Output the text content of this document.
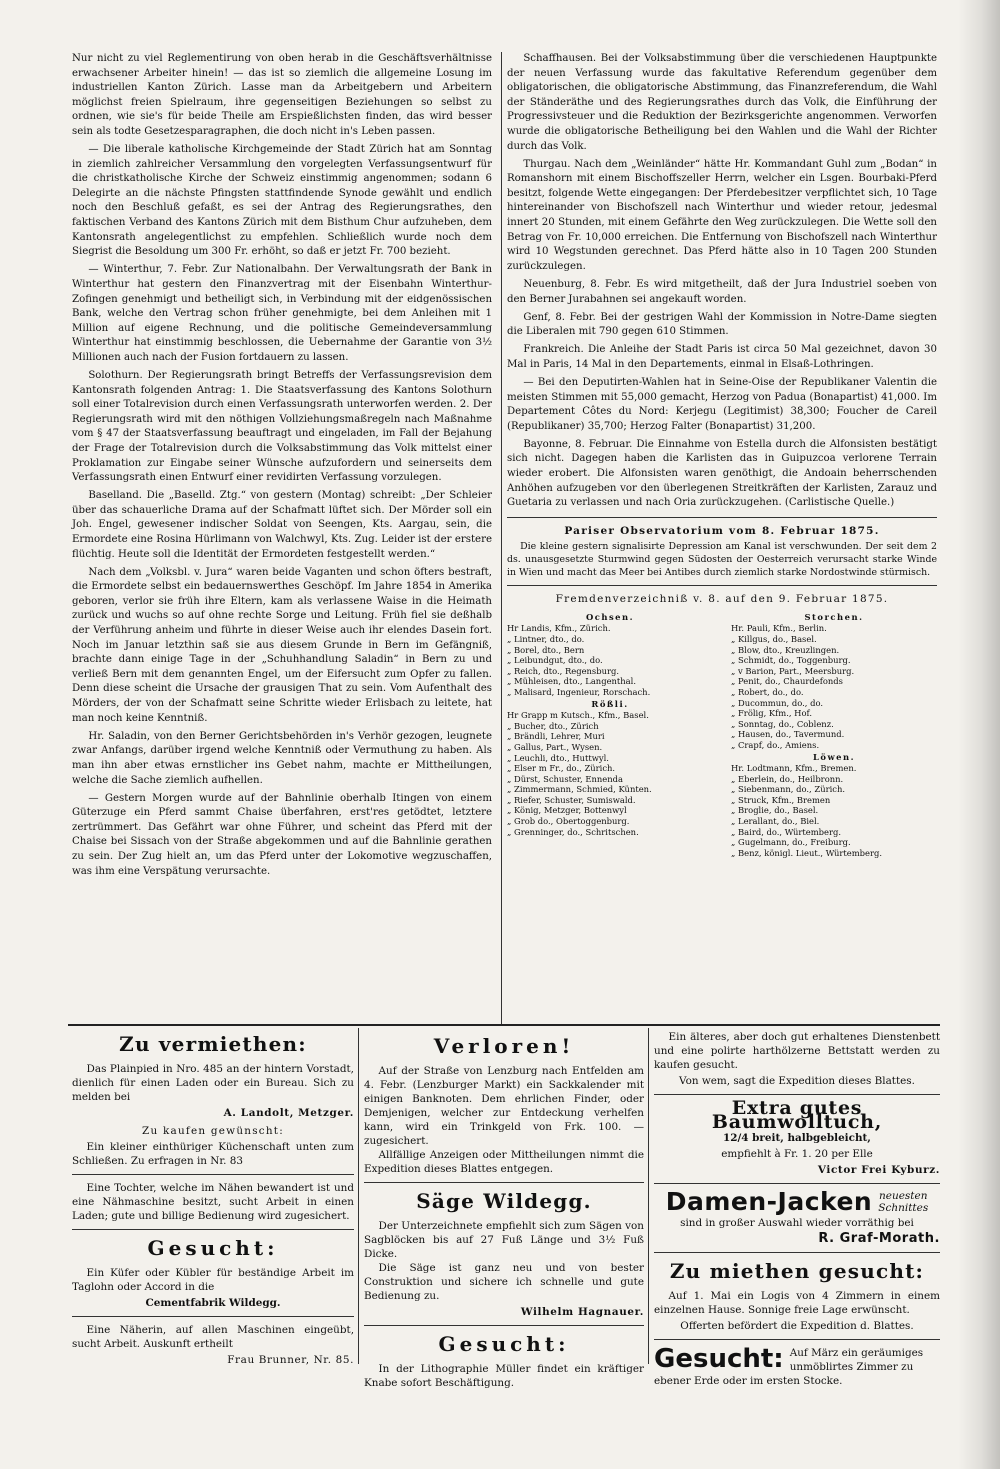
Nur nicht zu viel Reglementirung von oben herab in die Geschäftsverhältnisse erwachsener Arbeiter hinein! — das ist so ziemlich die allgemeine Losung im industriellen Kanton Zürich. Lasse man da Arbeitgebern und Arbeitern möglichst freien Spielraum, ihre gegenseitigen Beziehungen so selbst zu ordnen, wie sie's für beide Theile am Erspießlichsten finden, das wird besser sein als todte Gesetzesparagraphen, die doch nicht in's Leben passen.

— Die liberale katholische Kirchgemeinde der Stadt Zürich hat am Sonntag in ziemlich zahlreicher Versammlung den vorgelegten Verfassungsentwurf für die christkatholische Kirche der Schweiz einstimmig angenommen; sodann 6 Delegirte an die nächste Pfingsten stattfindende Synode gewählt und endlich noch den Beschluß gefaßt, es sei der Antrag des Regierungsrathes, den faktischen Verband des Kantons Zürich mit dem Bisthum Chur aufzuheben, dem Kantonsrath angelegentlichst zu empfehlen. Schließlich wurde noch dem Siegrist die Besoldung um 300 Fr. erhöht, so daß er jetzt Fr. 700 bezieht.

— Winterthur, 7. Febr. Zur Nationalbahn. Der Verwaltungsrath der Bank in Winterthur hat gestern den Finanzvertrag mit der Eisenbahn Winterthur-Zofingen genehmigt und betheiligt sich, in Verbindung mit der eidgenössischen Bank, welche den Vertrag schon früher genehmigte, bei dem Anleihen mit 1 Million auf eigene Rechnung, und die politische Gemeindeversammlung Winterthur hat einstimmig beschlossen, die Uebernahme der Garantie von 3½ Millionen auch nach der Fusion fortdauern zu lassen.

Solothurn. Der Regierungsrath bringt Betreffs der Verfassungsrevision dem Kantonsrath folgenden Antrag: 1. Die Staatsverfassung des Kantons Solothurn soll einer Totalrevision durch einen Verfassungsrath unterworfen werden. 2. Der Regierungsrath wird mit den nöthigen Vollziehungsmaßregeln nach Maßnahme vom § 47 der Staatsverfassung beauftragt und eingeladen, im Fall der Bejahung der Frage der Totalrevision durch die Volksabstimmung das Volk mittelst einer Proklamation zur Eingabe seiner Wünsche aufzufordern und seinerseits dem Verfassungsrath einen Entwurf einer revidirten Verfassung vorzulegen.

Baselland. Die „Baselld. Ztg.“ von gestern (Montag) schreibt: „Der Schleier über das schauerliche Drama auf der Schafmatt lüftet sich. Der Mörder soll ein Joh. Engel, gewesener indischer Soldat von Seengen, Kts. Aargau, sein, die Ermordete eine Rosina Hürlimann von Walchwyl, Kts. Zug. Leider ist der erstere flüchtig. Heute soll die Identität der Ermordeten festgestellt werden.“

Nach dem „Volksbl. v. Jura“ waren beide Vaganten und schon öfters bestraft, die Ermordete selbst ein bedauernswerthes Geschöpf. Im Jahre 1854 in Amerika geboren, verlor sie früh ihre Eltern, kam als verlassene Waise in die Heimath zurück und wuchs so auf ohne rechte Sorge und Leitung. Früh fiel sie deßhalb der Verführung anheim und führte in dieser Weise auch ihr elendes Dasein fort. Noch im Januar letzthin saß sie aus diesem Grunde in Bern im Gefängniß, brachte dann einige Tage in der „Schuhhandlung Saladin“ in Bern zu und verließ Bern mit dem genannten Engel, um der Eifersucht zum Opfer zu fallen. Denn diese scheint die Ursache der grausigen That zu sein. Vom Aufenthalt des Mörders, der von der Schafmatt seine Schritte wieder Erlisbach zu leitete, hat man noch keine Kenntniß.

Hr. Saladin, von den Berner Gerichtsbehörden in's Verhör gezogen, leugnete zwar Anfangs, darüber irgend welche Kenntniß oder Vermuthung zu haben. Als man ihn aber etwas ernstlicher ins Gebet nahm, machte er Mittheilungen, welche die Sache ziemlich aufhellen.

— Gestern Morgen wurde auf der Bahnlinie oberhalb Itingen von einem Güterzuge ein Pferd sammt Chaise überfahren, erst'res getödtet, letztere zertrümmert. Das Gefährt war ohne Führer, und scheint das Pferd mit der Chaise bei Sissach von der Straße abgekommen und auf die Bahnlinie gerathen zu sein. Der Zug hielt an, um das Pferd unter der Lokomotive wegzuschaffen, was ihm eine Verspätung verursachte.

Schaffhausen. Bei der Volksabstimmung über die verschiedenen Hauptpunkte der neuen Verfassung wurde das fakultative Referendum gegenüber dem obligatorischen, die obligatorische Abstimmung, das Finanzreferendum, die Wahl der Ständeräthe und des Regierungsrathes durch das Volk, die Einführung der Progressivsteuer und die Reduktion der Bezirksgerichte angenommen. Verworfen wurde die obligatorische Betheiligung bei den Wahlen und die Wahl der Richter durch das Volk.

Thurgau. Nach dem „Weinländer“ hätte Hr. Kommandant Guhl zum „Bodan“ in Romanshorn mit einem Bischoffszeller Herrn, welcher ein Lsgen. Bourbaki-Pferd besitzt, folgende Wette eingegangen: Der Pferdebesitzer verpflichtet sich, 10 Tage hintereinander von Bischofszell nach Winterthur und wieder retour, jedesmal innert 20 Stunden, mit einem Gefährte den Weg zurückzulegen. Die Wette soll den Betrag von Fr. 10,000 erreichen. Die Entfernung von Bischofszell nach Winterthur wird 10 Wegstunden gerechnet. Das Pferd hätte also in 10 Tagen 200 Stunden zurückzulegen.

Neuenburg, 8. Febr. Es wird mitgetheilt, daß der Jura Industriel soeben von den Berner Jurabahnen sei angekauft worden.

Genf, 8. Febr. Bei der gestrigen Wahl der Kommission in Notre-Dame siegten die Liberalen mit 790 gegen 610 Stimmen.

Frankreich. Die Anleihe der Stadt Paris ist circa 50 Mal gezeichnet, davon 30 Mal in Paris, 14 Mal in den Departements, einmal in Elsaß-Lothringen.

— Bei den Deputirten-Wahlen hat in Seine-Oise der Republikaner Valentin die meisten Stimmen mit 55,000 gemacht, Herzog von Padua (Bonapartist) 41,000. Im Departement Côtes du Nord: Kerjegu (Legitimist) 38,300; Foucher de Careil (Republikaner) 35,700; Herzog Falter (Bonapartist) 31,200.

Bayonne, 8. Februar. Die Einnahme von Estella durch die Alfonsisten bestätigt sich nicht. Dagegen haben die Karlisten das in Guipuzcoa verlorene Terrain wieder erobert. Die Alfonsisten waren genöthigt, die Andoain beherrschenden Anhöhen aufzugeben vor den überlegenen Streitkräften der Karlisten, Zarauz und Guetaria zu verlassen und nach Oria zurückzugehen. (Carlistische Quelle.)

Pariser Observatorium vom 8. Februar 1875.
Die kleine gestern signalisirte Depression am Kanal ist verschwunden. Der seit dem 2 ds. unausgesetzte Sturmwind gegen Südosten der Oesterreich verursacht starke Winde in Wien und macht das Meer bei Antibes durch ziemlich starke Nordostwinde stürmisch.
Fremdenverzeichniß v. 8. auf den 9. Februar 1875.
Ochsen.
Hr Landis, Kfm., Zürich.
„ Lintner, dto., do.
„ Borel, dto., Bern
„ Leibundgut, dto., do.
„ Reich, dto., Regensburg.
„ Mühleisen, dto., Langenthal.
„ Malisard, Ingenieur, Rorschach.
Rößli.
Hr Grapp m Kutsch., Kfm., Basel.
„ Bucher, dto., Zürich
„ Brändli, Lehrer, Muri
„ Gallus, Part., Wysen.
„ Leuchli, dto., Huttwyl.
„ Elser m Fr., do., Zürich.
„ Dürst, Schuster, Ennenda
„ Zimmermann, Schmied, Künten.
„ Riefer, Schuster, Sumiswald.
„ König, Metzger, Bottenwyl
„ Grob do., Obertoggenburg.
„ Grenninger, do., Schritschen.
Storchen.
Hr. Pauli, Kfm., Berlin.
„ Killgus, do., Basel.
„ Blow, dto., Kreuzlingen.
„ Schmidt, do., Toggenburg.
„ v Barion, Part., Meersburg.
„ Penit, do., Chaurdefonds
„ Robert, do., do.
„ Ducommun, do., do.
„ Frölig, Kfm., Hof.
„ Sonntag, do., Coblenz.
„ Hausen, do., Tavermund.
„ Crapf, do., Amiens.
Löwen.
Hr. Lodtmann, Kfm., Bremen.
„ Eberlein, do., Heilbronn.
„ Siebenmann, do., Zürich.
„ Struck, Kfm., Bremen
„ Broglie, do., Basel.
„ Lerallant, do., Biel.
„ Baird, do., Würtemberg.
„ Gugelmann, do., Freiburg.
„ Benz, königl. Lieut., Würtemberg.
Zu vermiethen:

Das Plainpied in Nro. 485 an der hintern Vorstadt, dienlich für einen Laden oder ein Bureau. Sich zu melden bei

A. Landolt, Metzger.
Zu kaufen gewünscht:

Ein kleiner einthüriger Küchenschaft unten zum Schließen. Zu erfragen in Nr. 83

Eine Tochter, welche im Nähen bewandert ist und eine Nähmaschine besitzt, sucht Arbeit in einen Laden; gute und billige Bedienung wird zugesichert.

Gesucht:

Ein Küfer oder Kübler für beständige Arbeit im Taglohn oder Accord in die

Cementfabrik Wildegg.

Eine Näherin, auf allen Maschinen eingeübt, sucht Arbeit. Auskunft ertheilt

Frau Brunner, Nr. 85.
Verloren!

Auf der Straße von Lenzburg nach Entfelden am 4. Febr. (Lenzburger Markt) ein Sackkalender mit einigen Banknoten. Dem ehrlichen Finder, oder Demjenigen, welcher zur Entdeckung verhelfen kann, wird ein Trinkgeld von Frk. 100. — zugesichert.

Allfällige Anzeigen oder Mittheilungen nimmt die Expedition dieses Blattes entgegen.

Säge Wildegg.

Der Unterzeichnete empfiehlt sich zum Sägen von Sagblöcken bis auf 27 Fuß Länge und 3½ Fuß Dicke.

Die Säge ist ganz neu und von bester Construktion und sichere ich schnelle und gute Bedienung zu.

Wilhelm Hagnauer.
Gesucht:

In der Lithographie Müller findet ein kräftiger Knabe sofort Beschäftigung.

Ein älteres, aber doch gut erhaltenes Dienstenbett und eine polirte harthölzerne Bettstatt werden zu kaufen gesucht.

Von wem, sagt die Expedition dieses Blattes.
Extra gutes Baumwolltuch,
12/4 breit, halbgebleicht,
empfiehlt à Fr. 1. 20 per Elle
Victor Frei Kyburz.
Damen-Jacken neuesten
Schnittes
sind in großer Auswahl wieder vorräthig bei
R. Graf-Morath.
Zu miethen gesucht:

Auf 1. Mai ein Logis von 4 Zimmern in einem einzelnen Hause. Sonnige freie Lage erwünscht.

Offerten befördert die Expedition d. Blattes.
Gesucht: Auf März ein geräumiges unmöblirtes Zimmer zu ebener Erde oder im ersten Stocke.
